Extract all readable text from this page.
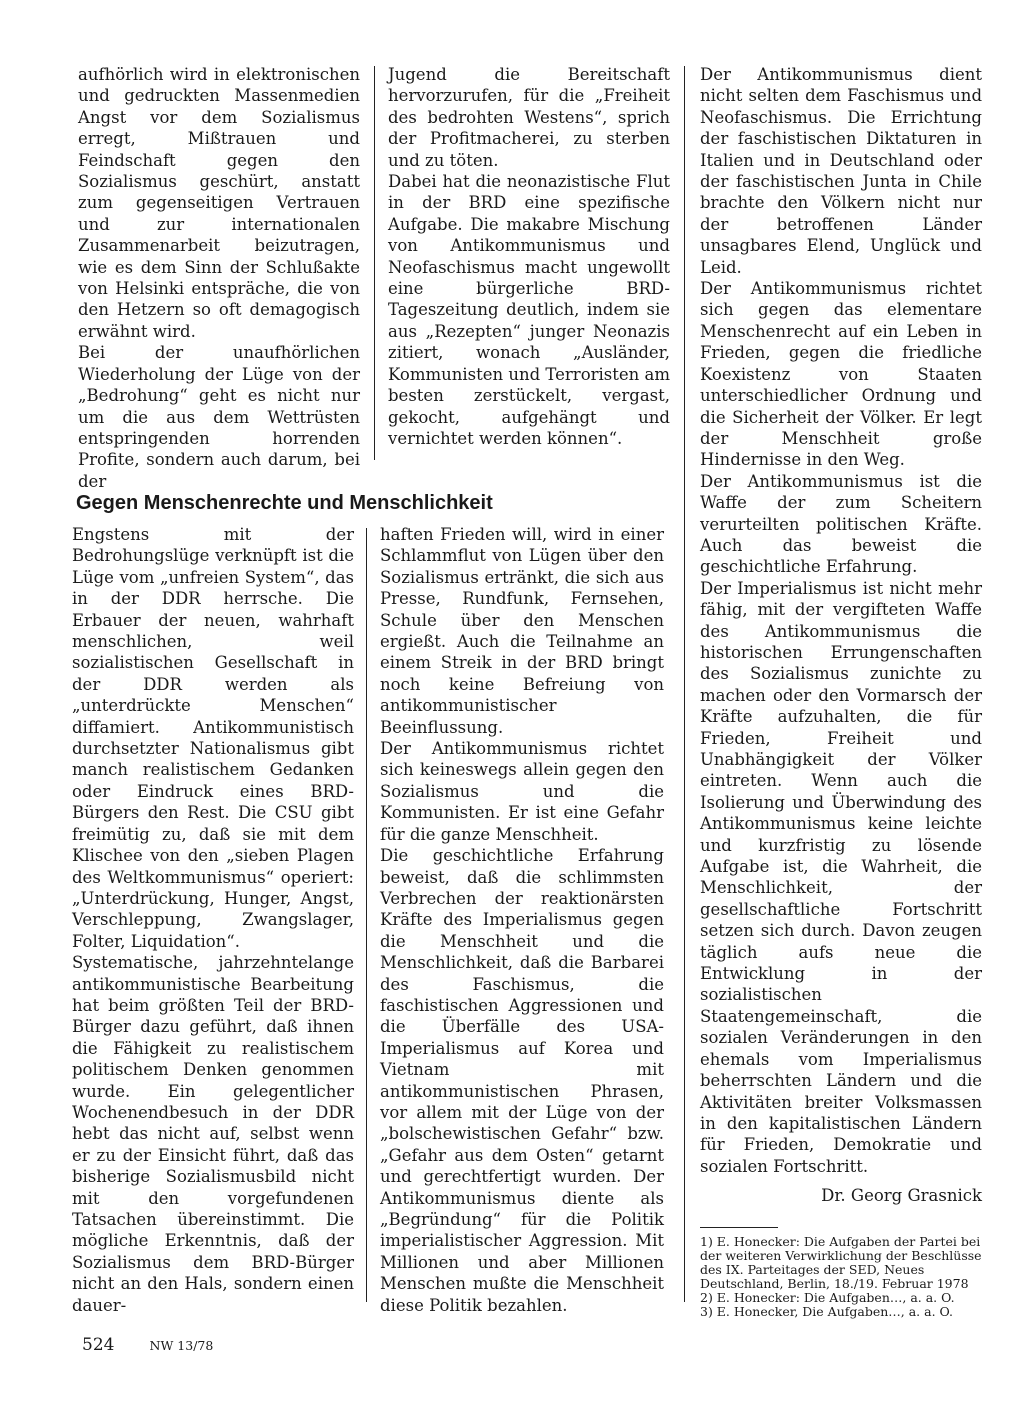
aufhörlich wird in elektronischen und gedruckten Massenmedien Angst vor dem Sozialismus erregt, Mißtrauen und Feindschaft gegen den Sozialismus geschürt, anstatt zum gegenseitigen Vertrauen und zur internationalen Zusammenarbeit beizutragen, wie es dem Sinn der Schlußakte von Helsinki entspräche, die von den Hetzern so oft demagogisch erwähnt wird.

Bei der unaufhörlichen Wiederholung der Lüge von der „Bedrohung“ geht es nicht nur um die aus dem Wettrüsten entspringenden horrenden Profite, sondern auch darum, bei der

Jugend die Bereitschaft hervorzurufen, für die „Freiheit des bedrohten Westens“, sprich der Profitmacherei, zu sterben und zu töten.

Dabei hat die neonazistische Flut in der BRD eine spezifische Aufgabe. Die makabre Mischung von Antikommunismus und Neofaschismus macht ungewollt eine bürgerliche BRD-Tageszeitung deutlich, indem sie aus „Rezepten“ junger Neonazis zitiert, wonach „Ausländer, Kommunisten und Terroristen am besten zerstückelt, vergast, gekocht, aufgehängt und vernichtet werden können“.

Der Antikommunismus dient nicht selten dem Faschismus und Neofaschismus. Die Errichtung der faschistischen Diktaturen in Italien und in Deutschland oder der faschistischen Junta in Chile brachte den Völkern nicht nur der betroffenen Länder unsagbares Elend, Unglück und Leid.

Der Antikommunismus richtet sich gegen das elementare Menschenrecht auf ein Leben in Frieden, gegen die friedliche Koexistenz von Staaten unterschiedlicher Ordnung und die Sicherheit der Völker. Er legt der Menschheit große Hindernisse in den Weg.

Der Antikommunismus ist die Waffe der zum Scheitern verurteilten politischen Kräfte. Auch das beweist die geschichtliche Erfahrung.

Der Imperialismus ist nicht mehr fähig, mit der vergifteten Waffe des Antikommunismus die historischen Errungenschaften des Sozialismus zunichte zu machen oder den Vormarsch der Kräfte aufzuhalten, die für Frieden, Freiheit und Unabhängigkeit der Völker eintreten. Wenn auch die Isolierung und Überwindung des Antikommunismus keine leichte und kurzfristig zu lösende Aufgabe ist, die Wahrheit, die Menschlichkeit, der gesellschaftliche Fortschritt setzen sich durch. Davon zeugen täglich aufs neue die Entwicklung in der sozialistischen Staatengemeinschaft, die sozialen Veränderungen in den ehemals vom Imperialismus beherrschten Ländern und die Aktivitäten breiter Volksmassen in den kapitalistischen Ländern für Frieden, Demokratie und sozialen Fortschritt.

Dr. Georg Grasnick

1) E. Honecker: Die Aufgaben der Partei bei der weiteren Verwirklichung der Beschlüsse des IX. Parteitages der SED, Neues Deutschland, Berlin, 18./19. Februar 1978
2) E. Honecker: Die Aufgaben…, a. a. O.
3) E. Honecker, Die Aufgaben…, a. a. O.
Gegen Menschenrechte und Menschlichkeit

Engstens mit der Bedrohungslüge verknüpft ist die Lüge vom „unfreien System“, das in der DDR herrsche. Die Erbauer der neuen, wahrhaft menschlichen, weil sozialistischen Gesellschaft in der DDR werden als „unterdrückte Menschen“ diffamiert. Antikommunistisch durchsetzter Nationalismus gibt manch realistischem Gedanken oder Eindruck eines BRD-Bürgers den Rest. Die CSU gibt freimütig zu, daß sie mit dem Klischee von den „sieben Plagen des Weltkommunismus“ operiert: „Unterdrückung, Hunger, Angst, Verschleppung, Zwangslager, Folter, Liquidation“.

Systematische, jahrzehntelange antikommunistische Bearbeitung hat beim größten Teil der BRD-Bürger dazu geführt, daß ihnen die Fähigkeit zu realistischem politischem Denken genommen wurde. Ein gelegentlicher Wochenendbesuch in der DDR hebt das nicht auf, selbst wenn er zu der Einsicht führt, daß das bisherige Sozialismusbild nicht mit den vorgefundenen Tatsachen übereinstimmt. Die mögliche Erkenntnis, daß der Sozialismus dem BRD-Bürger nicht an den Hals, sondern einen dauer-

haften Frieden will, wird in einer Schlammflut von Lügen über den Sozialismus ertränkt, die sich aus Presse, Rundfunk, Fernsehen, Schule über den Menschen ergießt. Auch die Teilnahme an einem Streik in der BRD bringt noch keine Befreiung von antikommunistischer Beeinflussung.

Der Antikommunismus richtet sich keineswegs allein gegen den Sozialismus und die Kommunisten. Er ist eine Gefahr für die ganze Menschheit.

Die geschichtliche Erfahrung beweist, daß die schlimmsten Verbrechen der reaktionärsten Kräfte des Imperialismus gegen die Menschheit und die Menschlichkeit, daß die Barbarei des Faschismus, die faschistischen Aggressionen und die Überfälle des USA-Imperialismus auf Korea und Vietnam mit antikommunistischen Phrasen, vor allem mit der Lüge von der „bolschewistischen Gefahr“ bzw. „Gefahr aus dem Osten“ getarnt und gerechtfertigt wurden. Der Antikommunismus diente als „Begründung“ für die Politik imperialistischer Aggression. Mit Millionen und aber Millionen Menschen mußte die Menschheit diese Politik bezahlen.

524	NW 13/78
